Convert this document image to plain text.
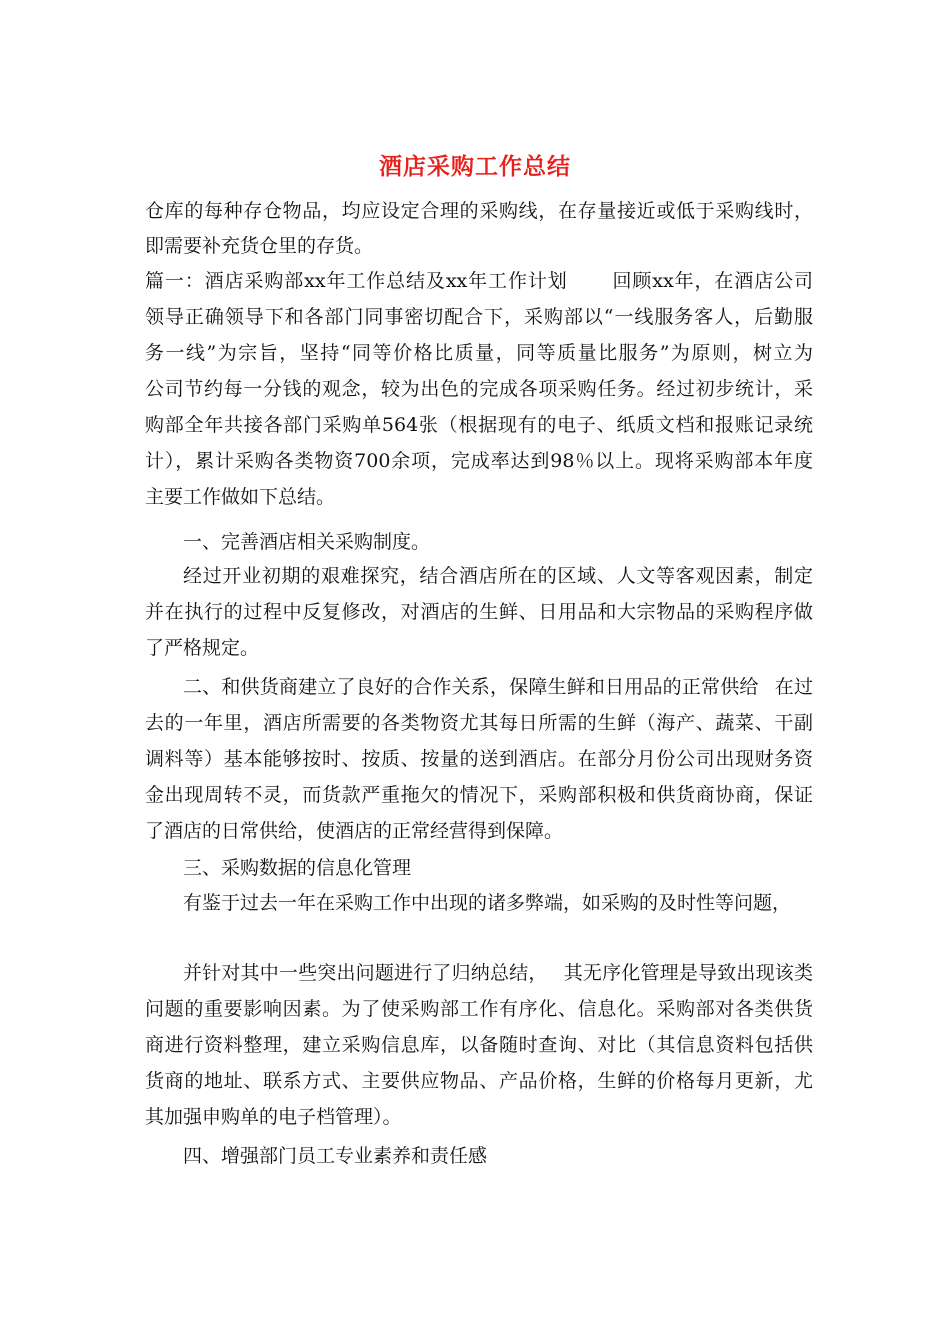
酒店采购工作总结

仓库的每种存仓物品，均应设定合理的采购线，在存量接近或低于采购线时，

即需要补充货仓里的存货。

篇一：酒店采购部xx年工作总结及xx年工作计划 回顾xx年，在酒店公司

领导正确领导下和各部门同事密切配合下，采购部以“一线服务客人，后勤服

务一线”为宗旨，坚持“同等价格比质量，同等质量比服务”为原则，树立为

公司节约每一分钱的观念，较为出色的完成各项采购任务。经过初步统计，采

购部全年共接各部门采购单564张（根据现有的电子、纸质文档和报账记录统

计），累计采购各类物资700余项，完成率达到98％以上。现将采购部本年度

主要工作做如下总结。

一、完善酒店相关采购制度。

经过开业初期的艰难探究，结合酒店所在的区域、人文等客观因素，制定

并在执行的过程中反复修改，对酒店的生鲜、日用品和大宗物品的采购程序做

了严格规定。

二、和供货商建立了良好的合作关系，保障生鲜和日用品的正常供给 在过

去的一年里，酒店所需要的各类物资尤其每日所需的生鲜（海产、蔬菜、干副

调料等）基本能够按时、按质、按量的送到酒店。在部分月份公司出现财务资

金出现周转不灵，而货款严重拖欠的情况下，采购部积极和供货商协商，保证

了酒店的日常供给，使酒店的正常经营得到保障。

三、采购数据的信息化管理

有鉴于过去一年在采购工作中出现的诸多弊端，如采购的及时性等问题，

并针对其中一些突出问题进行了归纳总结， 其无序化管理是导致出现该类

问题的重要影响因素。为了使采购部工作有序化、信息化。采购部对各类供货

商进行资料整理，建立采购信息库，以备随时查询、对比（其信息资料包括供

货商的地址、联系方式、主要供应物品、产品价格，生鲜的价格每月更新，尤

其加强申购单的电子档管理）。

四、增强部门员工专业素养和责任感
